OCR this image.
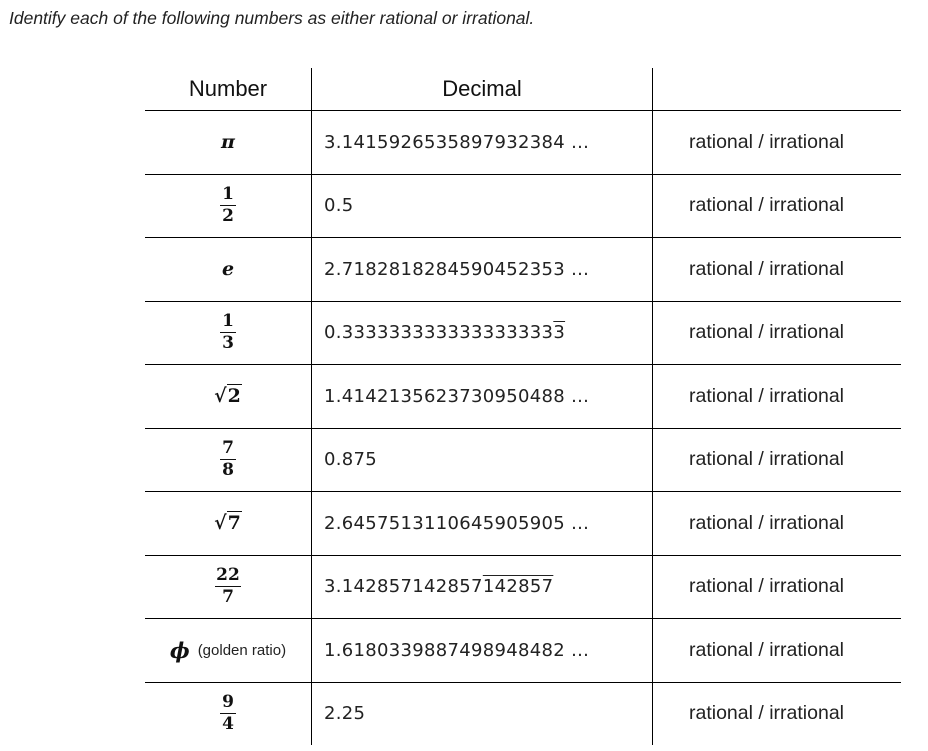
Identify each of the following numbers as either rational or irrational.
Number	Decimal
π	3.1415926535897932384 ...	rational / irrational
$\frac{1}{2}$	0.5	rational / irrational
e	2.7182818284590452353 ...	rational / irrational
$\frac{1}{3}$	0.3333333333333333333	rational / irrational
√2	1.4142135623730950488 ...	rational / irrational
$\frac{7}{8}$	0.875	rational / irrational
√7	2.6457513110645905905 ...	rational / irrational
$\frac{22}{7}$	3.142857142857142857	rational / irrational
ϕ (golden ratio) 1.6180339887498948482 ...	rational / irrational
$\frac{9}{4}$	2.25	rational / irrational
